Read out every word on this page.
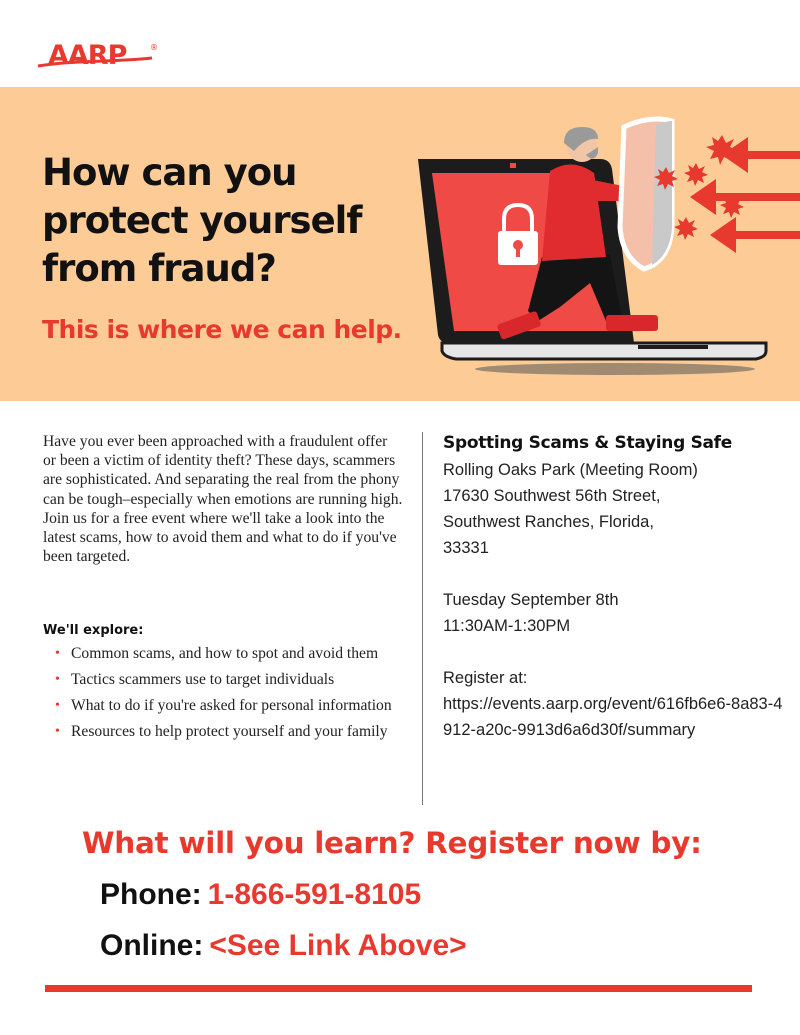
AARP	®
How can you protect yourself from fraud?
This is where we can help.

Have you ever been approached with a fraudulent offer or been a victim of identity theft? These days, scammers are sophisticated. And separating the real from the phony can be tough–especially when emotions are running high. Join us for a free event where we'll take a look into the latest scams, how to avoid them and what to do if you've been targeted.

We'll explore:
• Common scams, and how to spot and avoid them
• Tactics scammers use to target individuals
• What to do if you're asked for personal information
• Resources to help protect yourself and your family
Spotting Scams & Staying Safe

Rolling Oaks Park (Meeting Room)

17630 Southwest 56th Street,

Southwest Ranches, Florida,

33331

Tuesday September 8th

11:30AM-1:30PM

Register at:

https://events.aarp.org/event/616fb6e6-8a83-4912-a20c-9913d6a6d30f/summary

What will you learn? Register now by:

Phone: 1-866-591-8105

Online: <See Link Above>
